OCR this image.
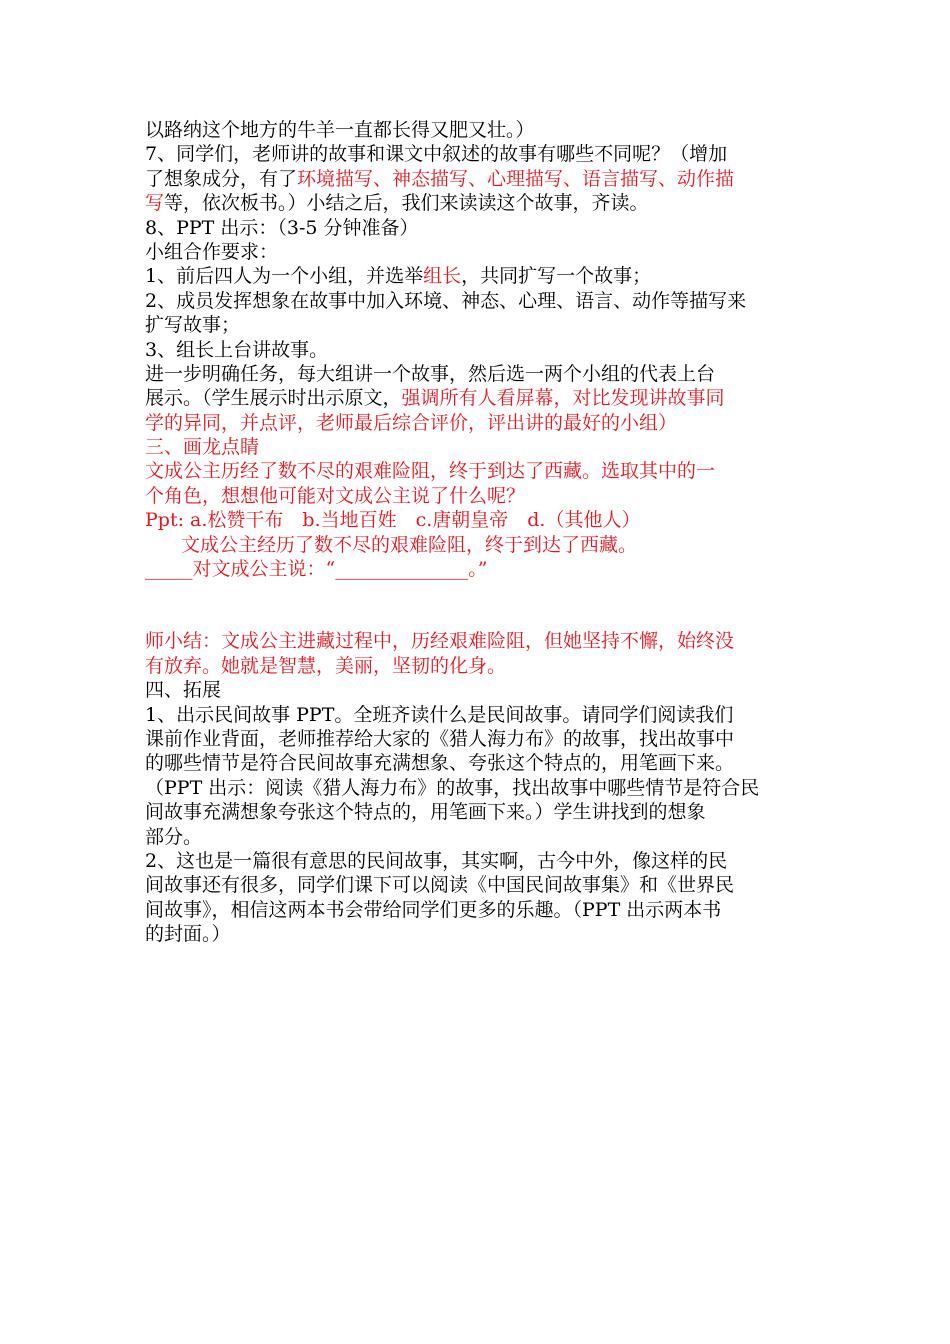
以路纳这个地方的牛羊一直都长得又肥又壮。）
7、同学们，老师讲的故事和课文中叙述的故事有哪些不同呢？（增加
了想象成分，有了环境描写、神态描写、心理描写、语言描写、动作描
写等，依次板书。）小结之后，我们来读读这个故事，齐读。
8、PPT 出示：（3-5 分钟准备）
小组合作要求：
1、前后四人为一个小组，并选举组长，共同扩写一个故事；
2、成员发挥想象在故事中加入环境、神态、心理、语言、动作等描写来
扩写故事；
3、组长上台讲故事。
进一步明确任务，每大组讲一个故事，然后选一两个小组的代表上台
展示。（学生展示时出示原文，强调所有人看屏幕，对比发现讲故事同
学的异同，并点评，老师最后综合评价，评出讲的最好的小组）
三、画龙点睛
文成公主历经了数不尽的艰难险阻，终于到达了西藏。选取其中的一
个角色，想想他可能对文成公主说了什么呢？
Ppt: a.松赞干布　b.当地百姓　c.唐朝皇帝　d.（其他人）
文成公主经历了数不尽的艰难险阻，终于到达了西藏。
_____对文成公主说：“______________。”
师小结：文成公主进藏过程中，历经艰难险阻，但她坚持不懈，始终没
有放弃。她就是智慧，美丽，坚韧的化身。
四、拓展
1、出示民间故事 PPT。全班齐读什么是民间故事。请同学们阅读我们
课前作业背面，老师推荐给大家的《猎人海力布》的故事，找出故事中
的哪些情节是符合民间故事充满想象、夸张这个特点的，用笔画下来。
（PPT 出示：阅读《猎人海力布》的故事，找出故事中哪些情节是符合民
间故事充满想象夸张这个特点的，用笔画下来。）学生讲找到的想象
部分。
2、这也是一篇很有意思的民间故事，其实啊，古今中外，像这样的民
间故事还有很多，同学们课下可以阅读《中国民间故事集》和《世界民
间故事》，相信这两本书会带给同学们更多的乐趣。（PPT 出示两本书
的封面。）
